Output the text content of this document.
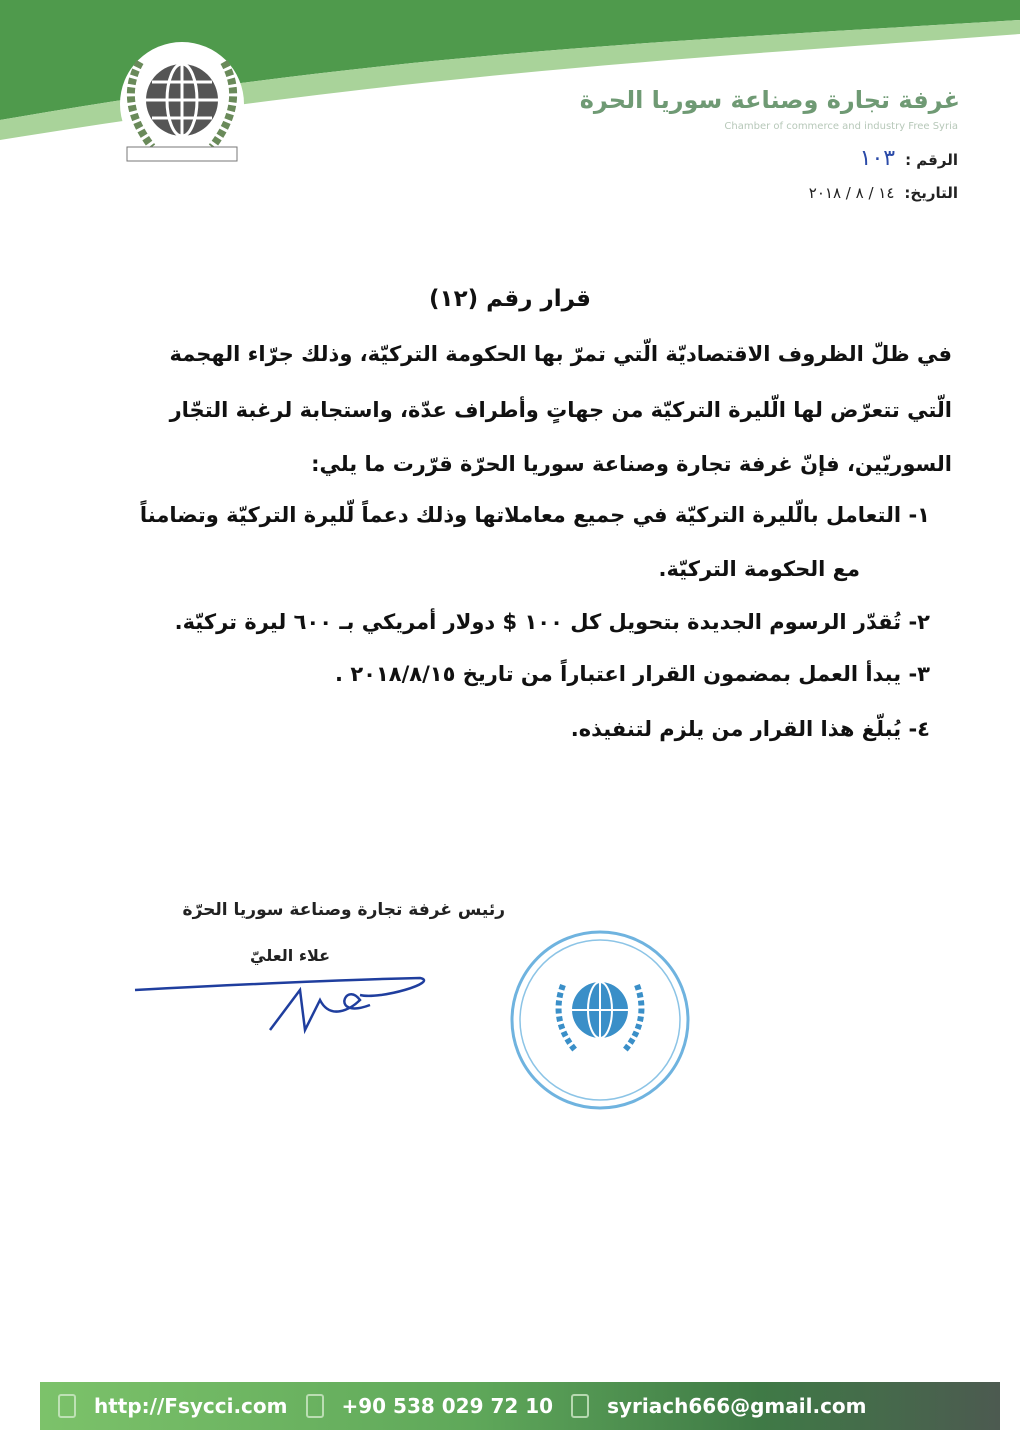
غرفة تجارة وصناعة سوريا الحرة
Chamber of commerce and industry Free Syria
الرقم :١٠٣
التاريخ:١٤ / ٨ / ٢٠١٨
قرار رقم (١٢)
في ظلّ الظروف الاقتصاديّة الّتي تمرّ بها الحكومة التركيّة، وذلك جرّاء الهجمة
الّتي تتعرّض لها الّليرة التركيّة من جهاتٍ وأطراف عدّة، واستجابة لرغبة التجّار
السوريّين، فإنّ غرفة تجارة وصناعة سوريا الحرّة قرّرت ما يلي:
١- التعامل بالّليرة التركيّة في جميع معاملاتها وذلك دعماً لّليرة التركيّة وتضامناً
مع الحكومة التركيّة.
٢- تُقدّر الرسوم الجديدة بتحويل كل ١٠٠ $ دولار أمريكي بـ ٦٠٠ ليرة تركيّة.
٣- يبدأ العمل بمضمون القرار اعتباراً من تاريخ ٢٠١٨/٨/١٥ .
٤- يُبلّغ هذا القرار من يلزم لتنفيذه.
رئيس غرفة تجارة وصناعة سوريا الحرّة
علاء العليّ
http://Fsycci.com	+90 538 029 72 10	syriach666@gmail.com
